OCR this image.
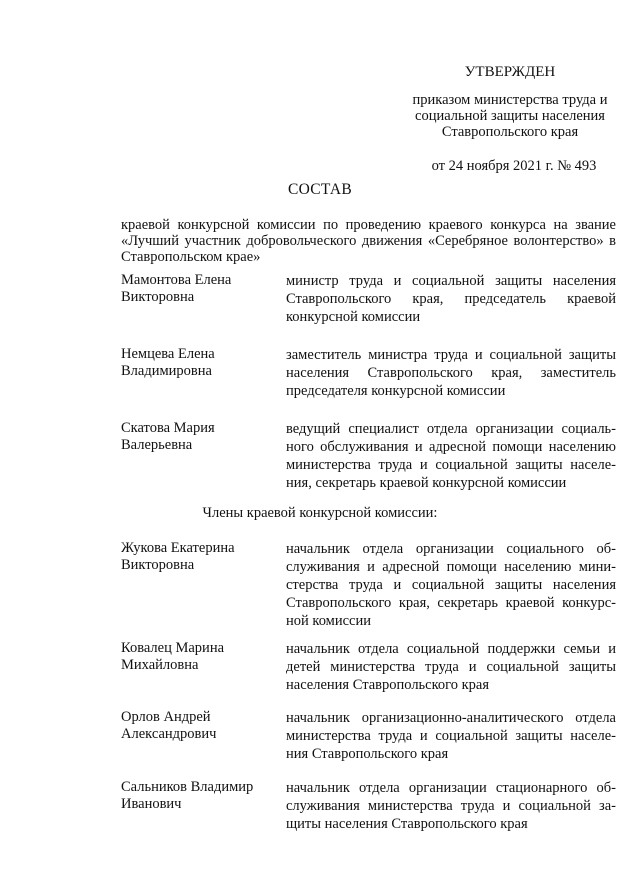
УТВЕРЖДЕН
приказом министерства труда и
социальной защиты населения
Ставропольского края
от 24 ноября 2021 г. № 493
СОСТАВ
краевой конкурсной комиссии по проведению краевого конкурса на звание «Лучший участник добровольческого движения «Серебряное волонтерство» в Ставропольском крае»
Мамонтова Елена
Викторовна
министр труда и социальной защиты населения
Ставропольского края, председатель краевой
конкурсной комиссии
Немцева Елена
Владимировна
заместитель министра труда и социальной защиты
населения Ставропольского края, заместитель
председателя конкурсной комиссии
Скатова Мария
Валерьевна
ведущий специалист отдела организации социаль-
ного обслуживания и адресной помощи населению
министерства труда и социальной защиты населе-
ния, секретарь краевой конкурсной комиссии
Члены краевой конкурсной комиссии:
Жукова Екатерина
Викторовна
начальник отдела организации социального об-
служивания и адресной помощи населению мини-
стерства труда и социальной защиты населения
Ставропольского края, секретарь краевой конкурс-
ной комиссии
Ковалец Марина
Михайловна
начальник отдела социальной поддержки семьи и
детей министерства труда и социальной защиты
населения Ставропольского края
Орлов Андрей
Александрович
начальник организационно-аналитического отдела
министерства труда и социальной защиты населе-
ния Ставропольского края
Сальников Владимир
Иванович
начальник отдела организации стационарного об-
служивания министерства труда и социальной за-
щиты населения Ставропольского края
